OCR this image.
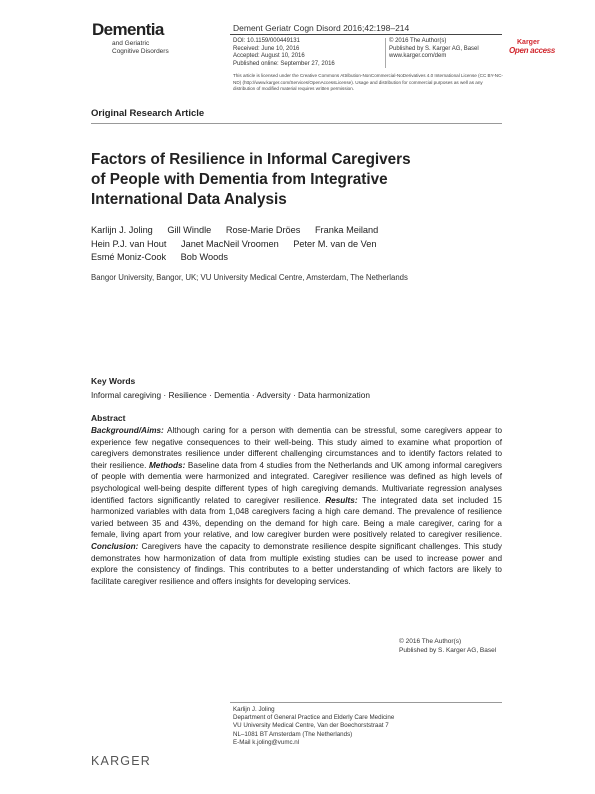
Dementia
and Geriatric
Cognitive Disorders
Dement Geriatr Cogn Disord 2016;42:198–214
DOI: 10.1159/000449131
Received: June 10, 2016
Accepted: August 10, 2016
Published online: September 27, 2016
© 2016 The Author(s)
Published by S. Karger AG, Basel
www.karger.com/dem
Karger
Open access
This article is licensed under the Creative Commons Attribution-NonCommercial-NoDerivatives 4.0 International License (CC BY-NC-ND) (http://www.karger.com/Services/OpenAccessLicense). Usage and distribution for commercial purposes as well as any distribution of modified material requires written permission.
Original Research Article
Factors of Resilience in Informal Caregivers
of People with Dementia from Integrative
International Data Analysis
Karlijn J. Joling Gill Windle Rose-Marie Dröes Franka Meiland
Hein P.J. van Hout Janet MacNeil Vroomen Peter M. van de Ven
Esmé Moniz-Cook Bob Woods
Bangor University, Bangor, UK; VU University Medical Centre, Amsterdam, The Netherlands
Key Words
Informal caregiving · Resilience · Dementia · Adversity · Data harmonization
Abstract
Background/Aims: Although caring for a person with dementia can be stressful, some caregivers appear to experience few negative consequences to their well-being. This study aimed to examine what proportion of caregivers demonstrates resilience under different challenging circumstances and to identify factors related to their resilience. Methods: Baseline data from 4 studies from the Netherlands and UK among informal caregivers of people with dementia were harmonized and integrated. Caregiver resilience was defined as high levels of psychological well-being despite different types of high caregiving demands. Multivariate regression analyses identified factors significantly related to caregiver resilience. Results: The integrated data set included 15 harmonized variables with data from 1,048 caregivers facing a high care demand. The prevalence of resilience varied between 35 and 43%, depending on the demand for high care. Being a male caregiver, caring for a female, living apart from your relative, and low caregiver burden were positively related to caregiver resilience. Conclusion: Caregivers have the capacity to demonstrate resilience despite significant challenges. This study demonstrates how harmonization of data from multiple existing studies can be used to increase power and explore the consistency of findings. This contributes to a better understanding of which factors are likely to facilitate caregiver resilience and offers insights for developing services.
© 2016 The Author(s)
Published by S. Karger AG, Basel
Karlijn J. Joling
Department of General Practice and Elderly Care Medicine
VU University Medical Centre, Van der Boechorststraat 7
NL–1081 BT Amsterdam (The Netherlands)
E-Mail k.joling@vumc.nl
KARGER
